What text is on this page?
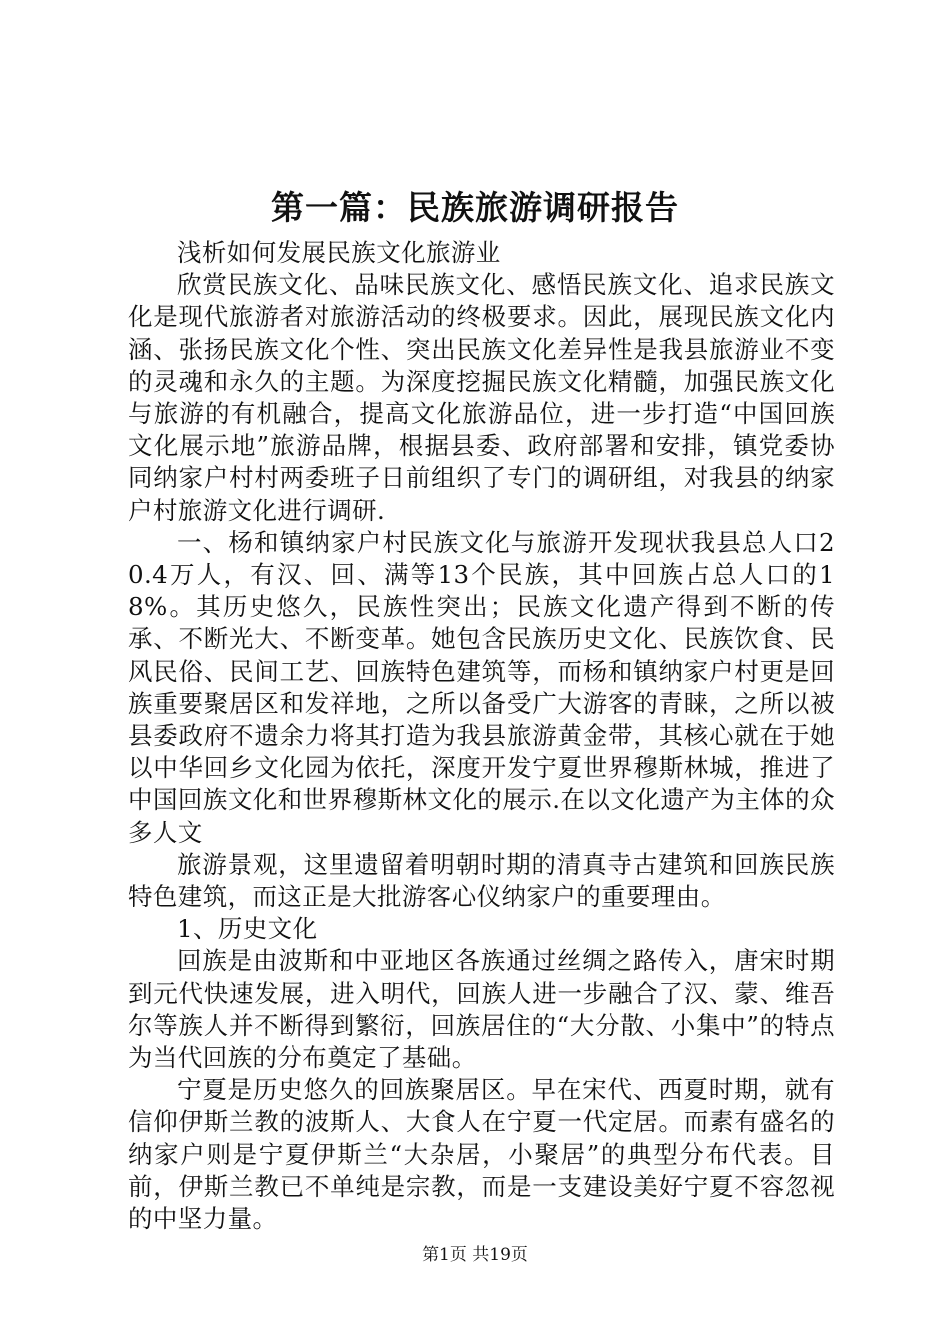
第一篇：民族旅游调研报告

浅析如何发展民族文化旅游业

欣赏民族文化、品味民族文化、感悟民族文化、追求民族文化是现代旅游者对旅游活动的终极要求。因此，展现民族文化内涵、张扬民族文化个性、突出民族文化差异性是我县旅游业不变的灵魂和永久的主题。为深度挖掘民族文化精髓，加强民族文化与旅游的有机融合，提高文化旅游品位，进一步打造“中国回族文化展示地”旅游品牌，根据县委、政府部署和安排，镇党委协同纳家户村村两委班子日前组织了专门的调研组，对我县的纳家户村旅游文化进行调研.

一、杨和镇纳家户村民族文化与旅游开发现状我县总人口20.4万人，有汉、回、满等13个民族，其中回族占总人口的18%。其历史悠久，民族性突出；民族文化遗产得到不断的传承、不断光大、不断变革。她包含民族历史文化、民族饮食、民风民俗、民间工艺、回族特色建筑等，而杨和镇纳家户村更是回族重要聚居区和发祥地，之所以备受广大游客的青睐，之所以被县委政府不遗余力将其打造为我县旅游黄金带，其核心就在于她以中华回乡文化园为依托，深度开发宁夏世界穆斯林城，推进了中国回族文化和世界穆斯林文化的展示.在以文化遗产为主体的众多人文

旅游景观，这里遗留着明朝时期的清真寺古建筑和回族民族特色建筑，而这正是大批游客心仪纳家户的重要理由。

1、历史文化

回族是由波斯和中亚地区各族通过丝绸之路传入，唐宋时期到元代快速发展，进入明代，回族人进一步融合了汉、蒙、维吾尔等族人并不断得到繁衍，回族居住的“大分散、小集中”的特点为当代回族的分布奠定了基础。

宁夏是历史悠久的回族聚居区。早在宋代、西夏时期，就有信仰伊斯兰教的波斯人、大食人在宁夏一代定居。而素有盛名的纳家户则是宁夏伊斯兰“大杂居，小聚居”的典型分布代表。目前，伊斯兰教已不单纯是宗教，而是一支建设美好宁夏不容忽视的中坚力量。

第1页 共19页
